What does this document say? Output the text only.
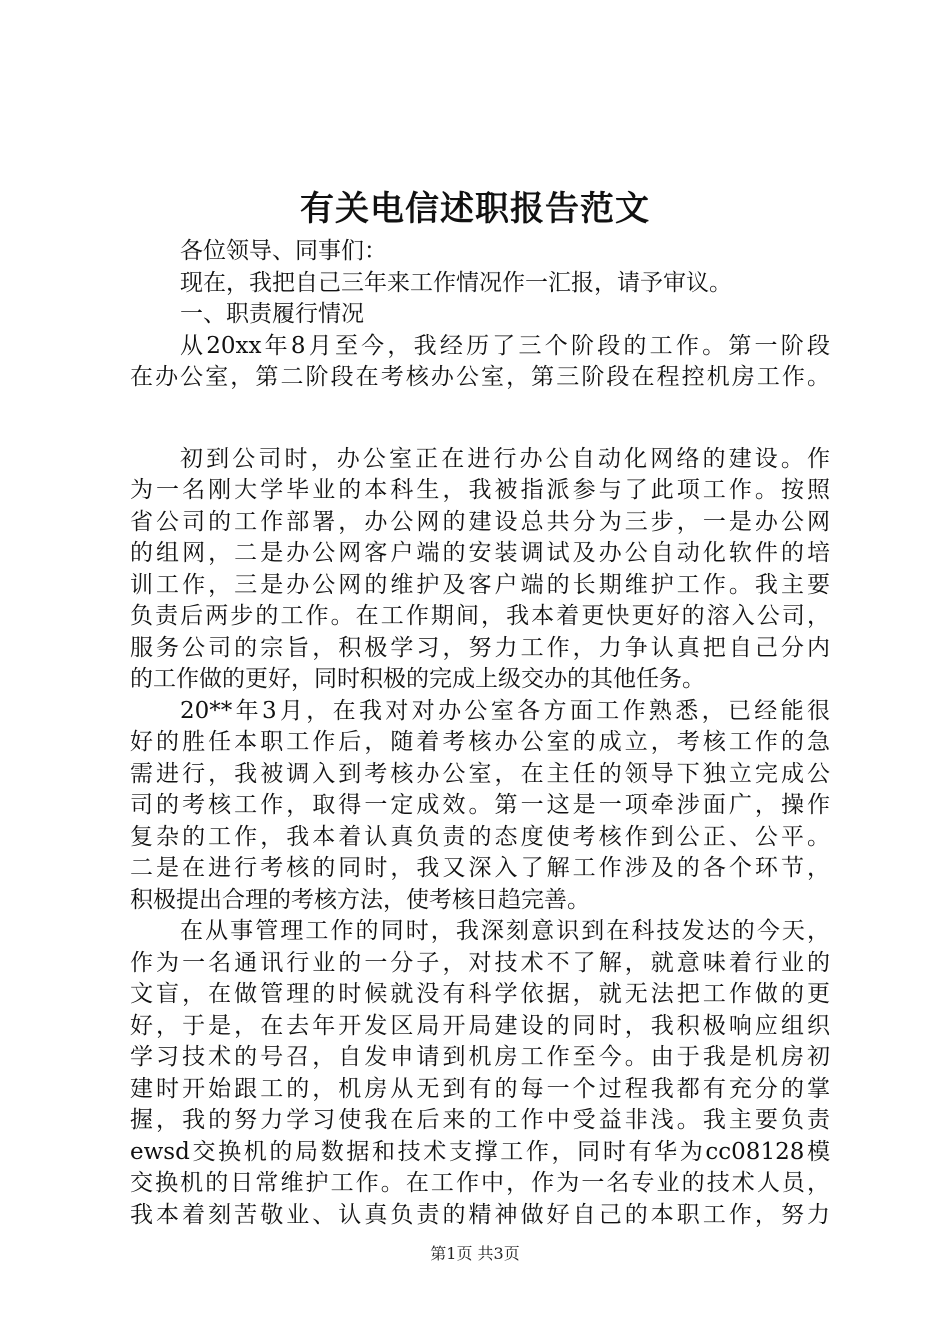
有关电信述职报告范文
各位领导、同事们：
现在，我把自己三年来工作情况作一汇报，请予审议。
一、职责履行情况
从20xx年8月至今，我经历了三个阶段的工作。第一阶段
在办公室，第二阶段在考核办公室，第三阶段在程控机房工作。
初到公司时，办公室正在进行办公自动化网络的建设。作
为一名刚大学毕业的本科生，我被指派参与了此项工作。按照
省公司的工作部署，办公网的建设总共分为三步，一是办公网
的组网，二是办公网客户端的安装调试及办公自动化软件的培
训工作，三是办公网的维护及客户端的长期维护工作。我主要
负责后两步的工作。在工作期间，我本着更快更好的溶入公司，
服务公司的宗旨，积极学习，努力工作，力争认真把自己分内
的工作做的更好，同时积极的完成上级交办的其他任务。
20**年3月，在我对对办公室各方面工作熟悉，已经能很
好的胜任本职工作后，随着考核办公室的成立，考核工作的急
需进行，我被调入到考核办公室，在主任的领导下独立完成公
司的考核工作，取得一定成效。第一这是一项牵涉面广，操作
复杂的工作，我本着认真负责的态度使考核作到公正、公平。
二是在进行考核的同时，我又深入了解工作涉及的各个环节，
积极提出合理的考核方法，使考核日趋完善。
在从事管理工作的同时，我深刻意识到在科技发达的今天，
作为一名通讯行业的一分子，对技术不了解，就意味着行业的
文盲，在做管理的时候就没有科学依据，就无法把工作做的更
好，于是，在去年开发区局开局建设的同时，我积极响应组织
学习技术的号召，自发申请到机房工作至今。由于我是机房初
建时开始跟工的，机房从无到有的每一个过程我都有充分的掌
握，我的努力学习使我在后来的工作中受益非浅。我主要负责
ewsd交换机的局数据和技术支撑工作，同时有华为cc08128模
交换机的日常维护工作。在工作中，作为一名专业的技术人员，
我本着刻苦敬业、认真负责的精神做好自己的本职工作，努力
第1页 共3页
